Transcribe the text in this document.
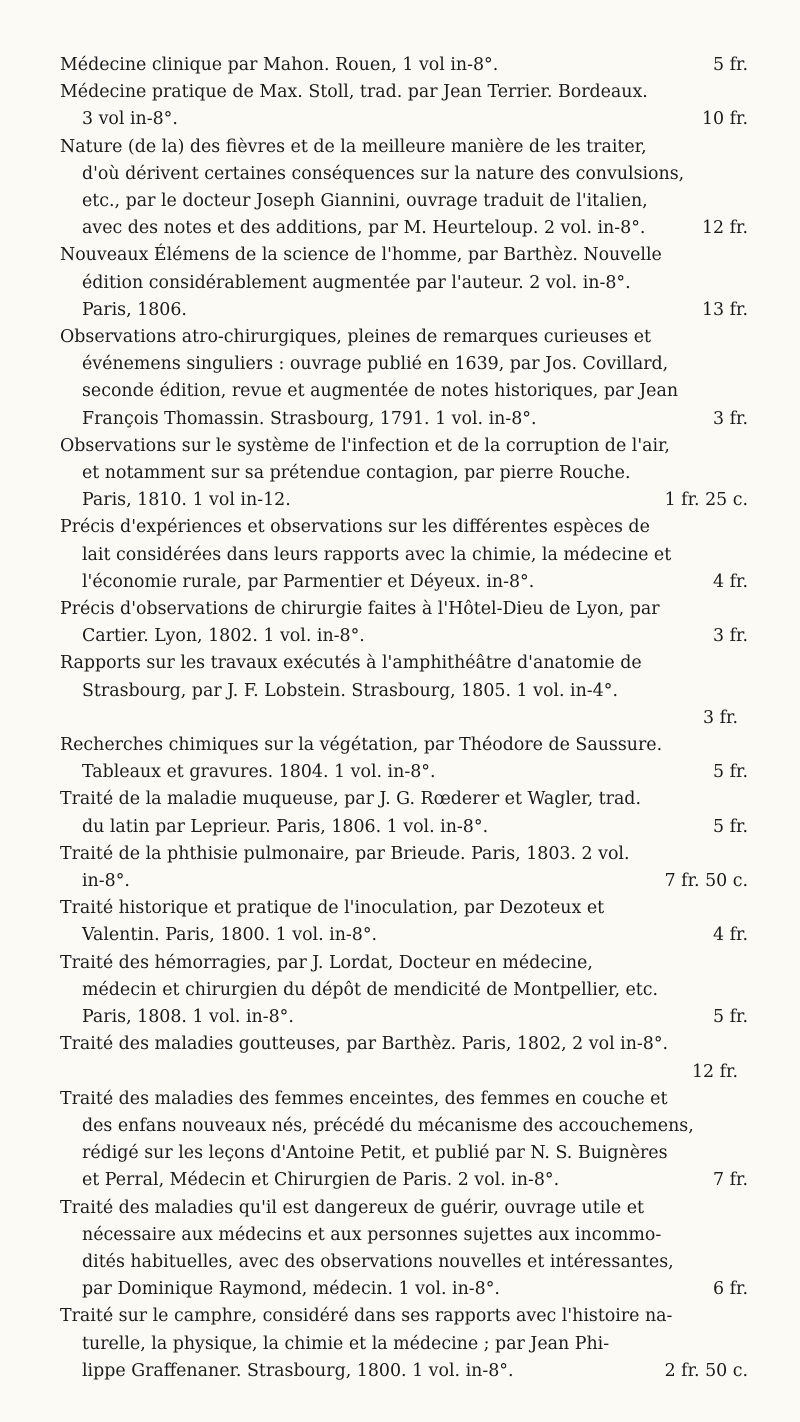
5 fr.
Médecine clinique par Mahon. Rouen, 1 vol in-8°.

Médecine pratique de Max. Stoll, trad. par Jean Terrier. Bordeaux.
10 fr.
3 vol in-8°.

Nature (de la) des fièvres et de la meilleure manière de les traiter,
d'où dérivent certaines conséquences sur la nature des convulsions,
etc., par le docteur Joseph Giannini, ouvrage traduit de l'italien,
12 fr.
avec des notes et des additions, par M. Heurteloup. 2 vol. in-8°.

Nouveaux Élémens de la science de l'homme, par Barthèz. Nouvelle
édition considérablement augmentée par l'auteur. 2 vol. in-8°.
13 fr.
Paris, 1806.

Observations atro-chirurgiques, pleines de remarques curieuses et
événemens singuliers : ouvrage publié en 1639, par Jos. Covillard,
seconde édition, revue et augmentée de notes historiques, par Jean
3 fr.
François Thomassin. Strasbourg, 1791. 1 vol. in-8°.

Observations sur le système de l'infection et de la corruption de l'air,
et notamment sur sa prétendue contagion, par pierre Rouche.
1 fr. 25 c.
Paris, 1810. 1 vol in-12.

Précis d'expériences et observations sur les différentes espèces de
lait considérées dans leurs rapports avec la chimie, la médecine et
4 fr.
l'économie rurale, par Parmentier et Déyeux. in-8°.

Précis d'observations de chirurgie faites à l'Hôtel-Dieu de Lyon, par
3 fr.
Cartier. Lyon, 1802. 1 vol. in-8°.

Rapports sur les travaux exécutés à l'amphithéâtre d'anatomie de
Strasbourg, par J. F. Lobstein. Strasbourg, 1805. 1 vol. in-4°.
3 fr.

Recherches chimiques sur la végétation, par Théodore de Saussure.
5 fr.
Tableaux et gravures. 1804. 1 vol. in-8°.

Traité de la maladie muqueuse, par J. G. Rœderer et Wagler, trad.
5 fr.
du latin par Leprieur. Paris, 1806. 1 vol. in-8°.

Traité de la phthisie pulmonaire, par Brieude. Paris, 1803. 2 vol.
7 fr. 50 c.
in-8°.

Traité historique et pratique de l'inoculation, par Dezoteux et
4 fr.
Valentin. Paris, 1800. 1 vol. in-8°.

Traité des hémorragies, par J. Lordat, Docteur en médecine,
médecin et chirurgien du dépôt de mendicité de Montpellier, etc.
5 fr.
Paris, 1808. 1 vol. in-8°.

Traité des maladies goutteuses, par Barthèz. Paris, 1802, 2 vol in-8°.
12 fr.

Traité des maladies des femmes enceintes, des femmes en couche et
des enfans nouveaux nés, précédé du mécanisme des accouchemens,
rédigé sur les leçons d'Antoine Petit, et publié par N. S. Buignères
7 fr.
et Perral, Médecin et Chirurgien de Paris. 2 vol. in-8°.

Traité des maladies qu'il est dangereux de guérir, ouvrage utile et
nécessaire aux médecins et aux personnes sujettes aux incommo-
dités habituelles, avec des observations nouvelles et intéressantes,
6 fr.
par Dominique Raymond, médecin. 1 vol. in-8°.

Traité sur le camphre, considéré dans ses rapports avec l'histoire na-
turelle, la physique, la chimie et la médecine ; par Jean Phi-
2 fr. 50 c.
lippe Graffenaner. Strasbourg, 1800. 1 vol. in-8°.
